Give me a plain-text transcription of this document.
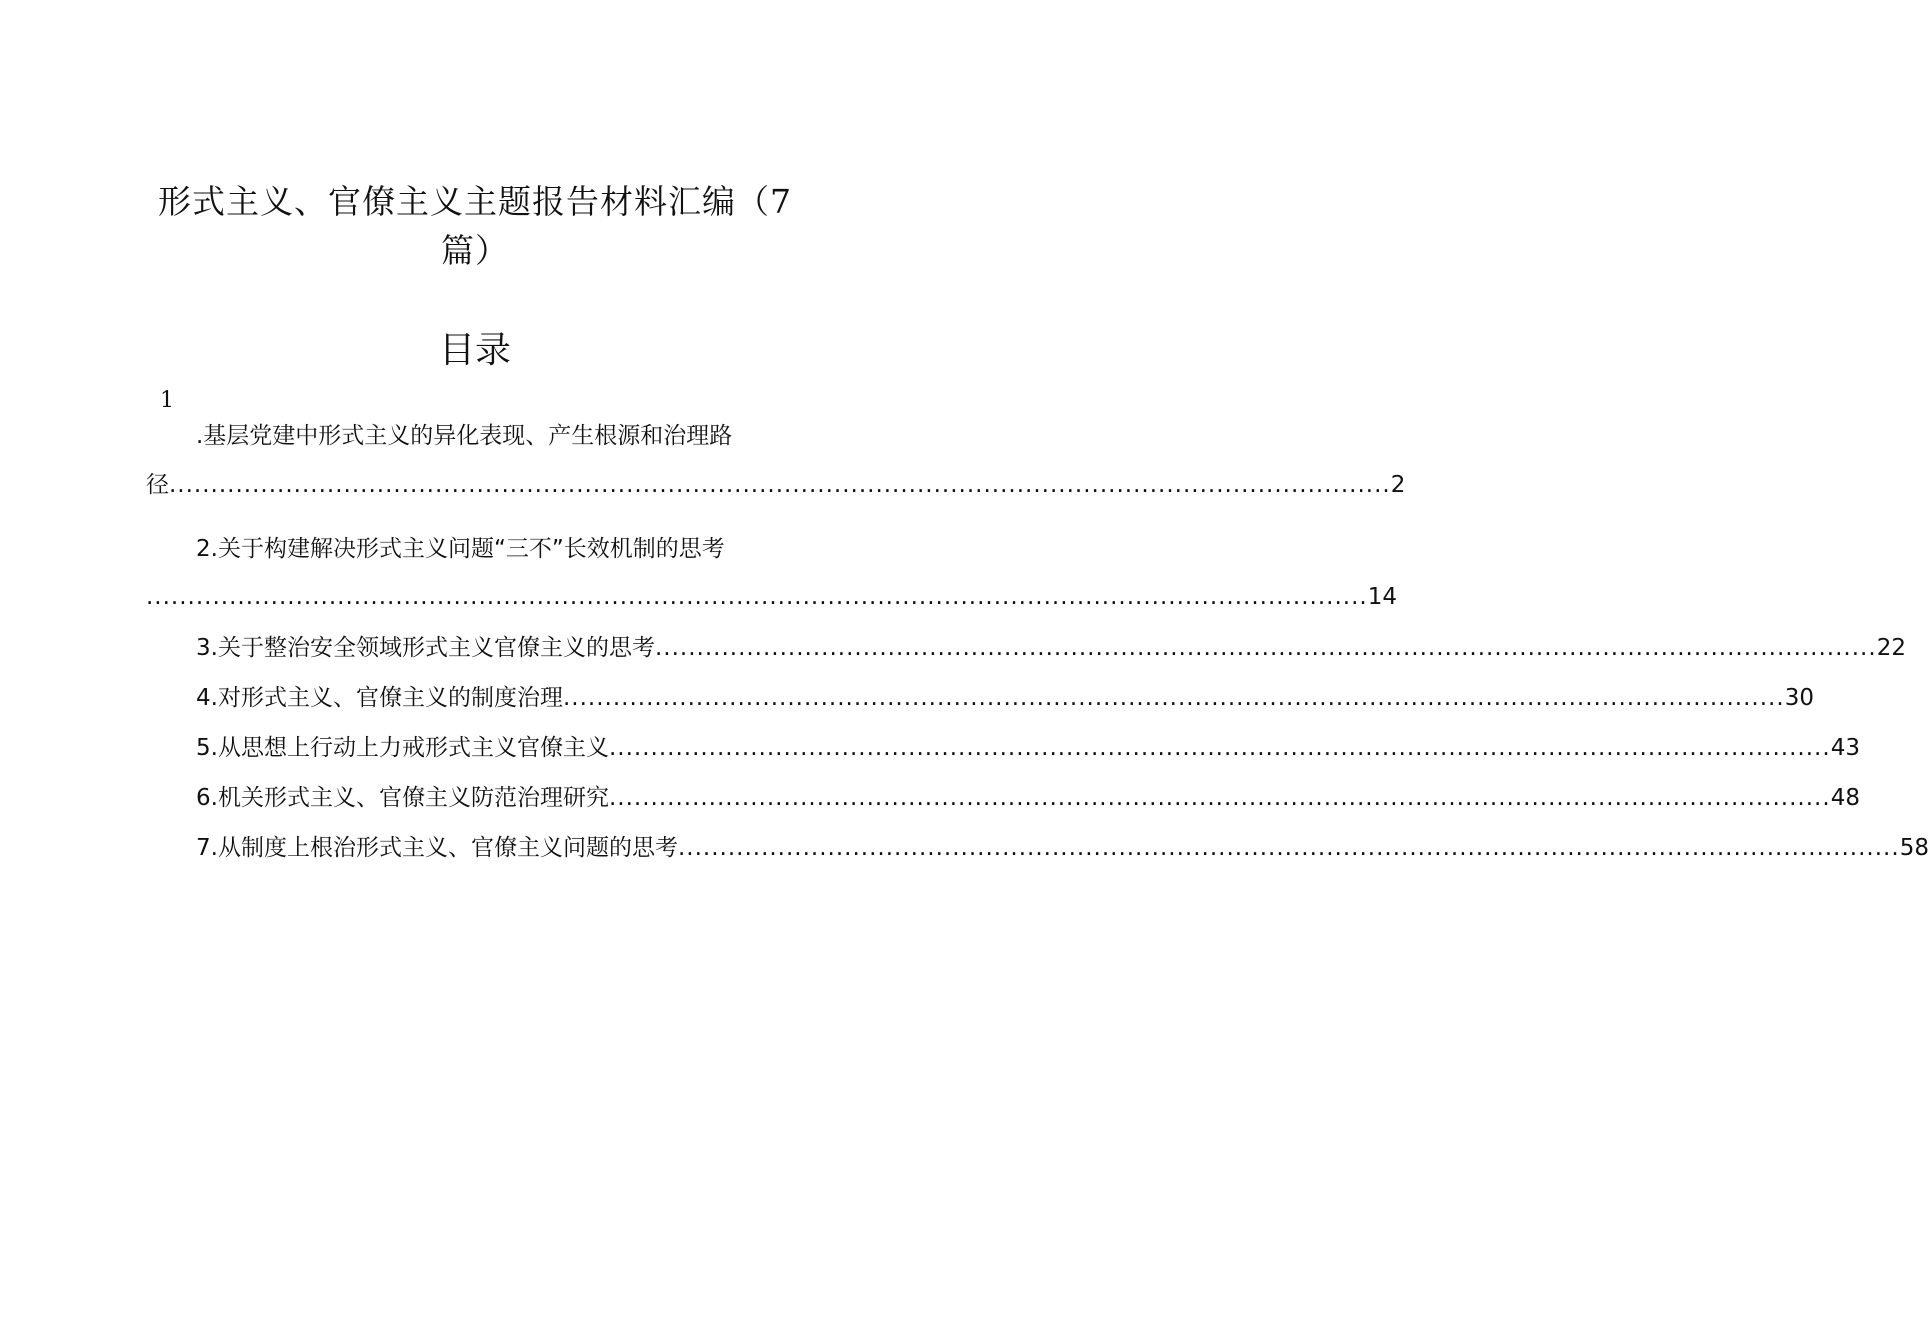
形式主义、官僚主义主题报告材料汇编（7
篇）
目录
1
.基层党建中形式主义的异化表现、产生根源和治理路
径 ................................................................................................................................................... 2
2.关于构建解决形式主义问题“三不”长效机制的思考
................................................................................................................................................... 14
3.关于整治安全领域形式主义官僚主义的思考 ................................................................................................................................................... 22
4.对形式主义、官僚主义的制度治理 ................................................................................................................................................... 30
5.从思想上行动上力戒形式主义官僚主义 ................................................................................................................................................... 43
6.机关形式主义、官僚主义防范治理研究 ................................................................................................................................................... 48
7.从制度上根治形式主义、官僚主义问题的思考 ................................................................................................................................................... 58
